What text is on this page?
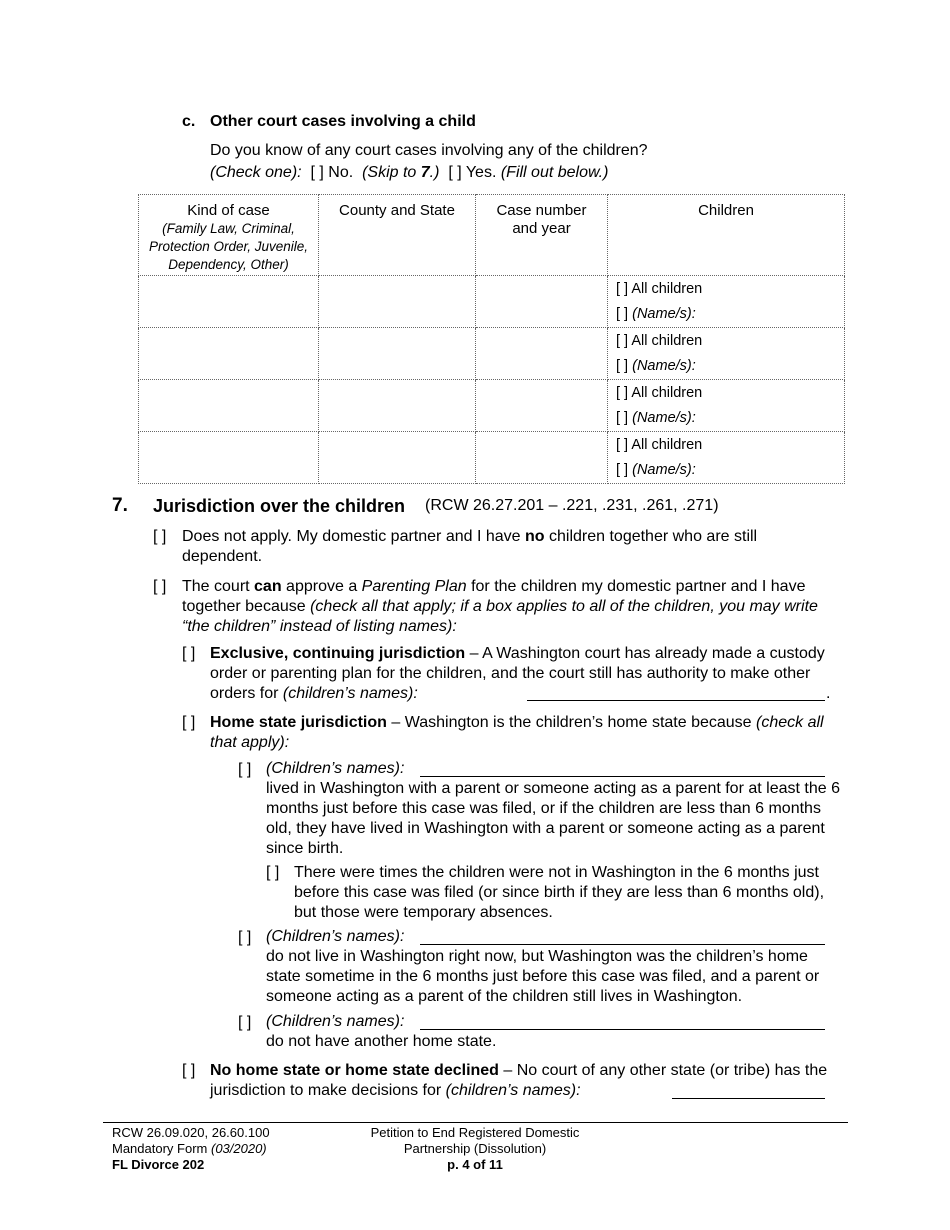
c. Other court cases involving a child
Do you know of any court cases involving any of the children?
(Check one): [ ] No. (Skip to 7.) [ ] Yes. (Fill out below.)
Kind of case
(Family Law, Criminal, Protection Order, Juvenile, Dependency, Other)	County and State	Case number and year	Children

			[ ] All children
[ ] (Name/s):

			[ ] All children
[ ] (Name/s):

			[ ] All children
[ ] (Name/s):

			[ ] All children
[ ] (Name/s):
7. Jurisdiction over the children (RCW 26.27.201 – .221, .231, .261, .271)
[ ] Does not apply. My domestic partner and I have no children together who are still dependent.
[ ] The court can approve a Parenting Plan for the children my domestic partner and I have together because (check all that apply; if a box applies to all of the children, you may write “the children” instead of listing names):
[ ] Exclusive, continuing jurisdiction – A Washington court has already made a custody order or parenting plan for the children, and the court still has authority to make other orders for (children’s names):	.
[ ] Home state jurisdiction – Washington is the children’s home state because (check all that apply):
[ ] (Children’s names):
lived in Washington with a parent or someone acting as a parent for at least the 6 months just before this case was filed, or if the children are less than 6 months old, they have lived in Washington with a parent or someone acting as a parent since birth.
[ ] There were times the children were not in Washington in the 6 months just before this case was filed (or since birth if they are less than 6 months old), but those were temporary absences.
[ ] (Children’s names):
do not live in Washington right now, but Washington was the children’s home state sometime in the 6 months just before this case was filed, and a parent or someone acting as a parent of the children still lives in Washington.
[ ] (Children’s names):
do not have another home state.
[ ] No home state or home state declined – No court of any other state (or tribe) has the jurisdiction to make decisions for (children’s names):
RCW 26.09.020, 26.60.100
Mandatory Form (03/2020)
FL Divorce 202
Petition to End Registered Domestic
Partnership (Dissolution)
p. 4 of 11
